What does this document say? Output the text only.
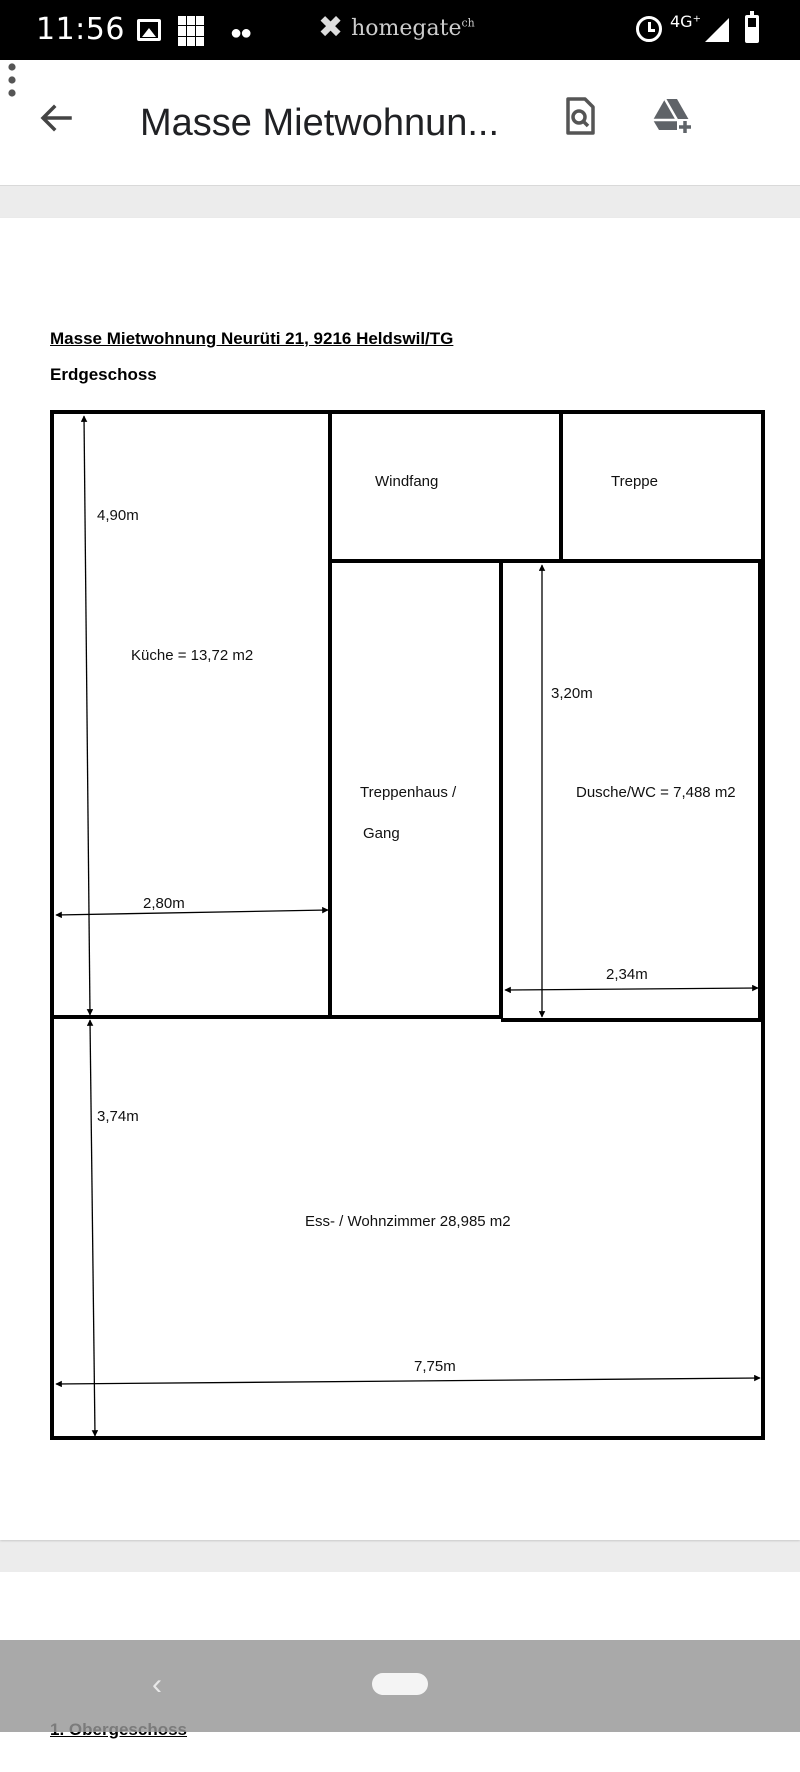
11:56	●● ✖ homegate$^{ch}$	4G⁺
Masse Mietwohnun...
Masse Mietwohnung Neurüti 21, 9216 Heldswil/TG
Erdgeschoss
Windfang	Treppe
Küche = 13,72 m2
Treppenhaus /
Gang
Dusche/WC = 7,488 m2
Ess- / Wohnzimmer 28,985 m2
4,90m
2,80m
3,20m
2,34m
3,74m
7,75m
‹
